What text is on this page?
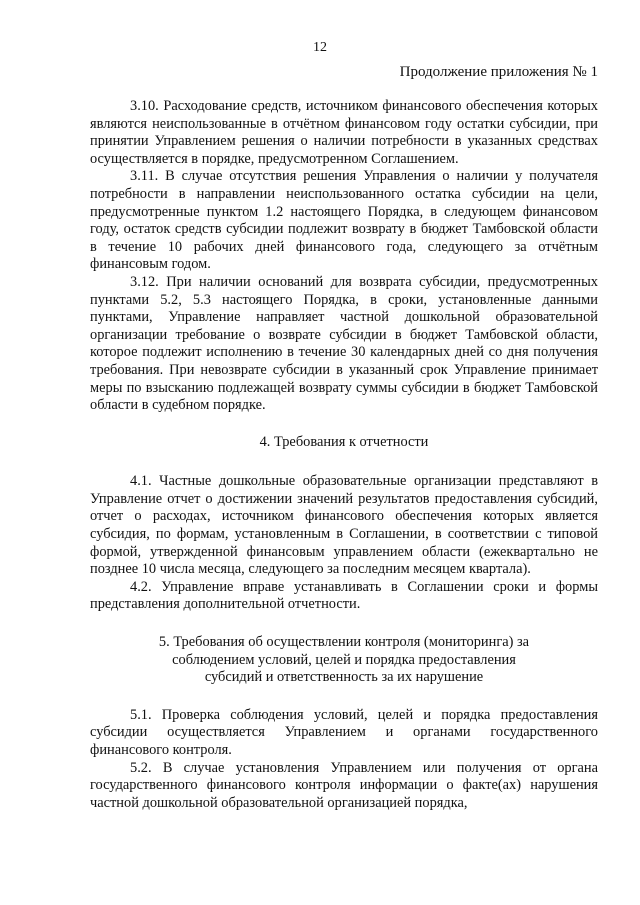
12
Продолжение приложения № 1

3.10. Расходование средств, источником финансового обеспечения которых являются неиспользованные в отчётном финансовом году остатки субсидии, при принятии Управлением решения о наличии потребности в указанных средствах осуществляется в порядке, предусмотренном Соглашением.

3.11. В случае отсутствия решения Управления о наличии у получателя потребности в направлении неиспользованного остатка субсидии на цели, предусмотренные пунктом 1.2 настоящего Порядка, в следующем финансовом году, остаток средств субсидии подлежит возврату в бюджет Тамбовской области в течение 10 рабочих дней финансового года, следующего за отчётным финансовым годом.

3.12. При наличии оснований для возврата субсидии, предусмотренных пунктами 5.2, 5.3 настоящего Порядка, в сроки, установленные данными пунктами, Управление направляет частной дошкольной образовательной организации требование о возврате субсидии в бюджет Тамбовской области, которое подлежит исполнению в течение 30 календарных дней со дня получения требования. При невозврате субсидии в указанный срок Управление принимает меры по взысканию подлежащей возврату суммы субсидии в бюджет Тамбовской области в судебном порядке.

4. Требования к отчетности

4.1. Частные дошкольные образовательные организации представляют в Управление отчет о достижении значений результатов предоставления субсидий, отчет о расходах, источником финансового обеспечения которых является субсидия, по формам, установленным в Соглашении, в соответствии с типовой формой, утвержденной финансовым управлением области (ежеквартально не позднее 10 числа месяца, следующего за последним месяцем квартала).

4.2. Управление вправе устанавливать в Соглашении сроки и формы представления дополнительной отчетности.

5. Требования об осуществлении контроля (мониторинга) за соблюдением условий, целей и порядка предоставления субсидий и ответственность за их нарушение

5.1. Проверка соблюдения условий, целей и порядка предоставления субсидии осуществляется Управлением и органами государственного финансового контроля.

5.2. В случае установления Управлением или получения от органа государственного финансового контроля информации о факте(ах) нарушения частной дошкольной образовательной организацией порядка,
